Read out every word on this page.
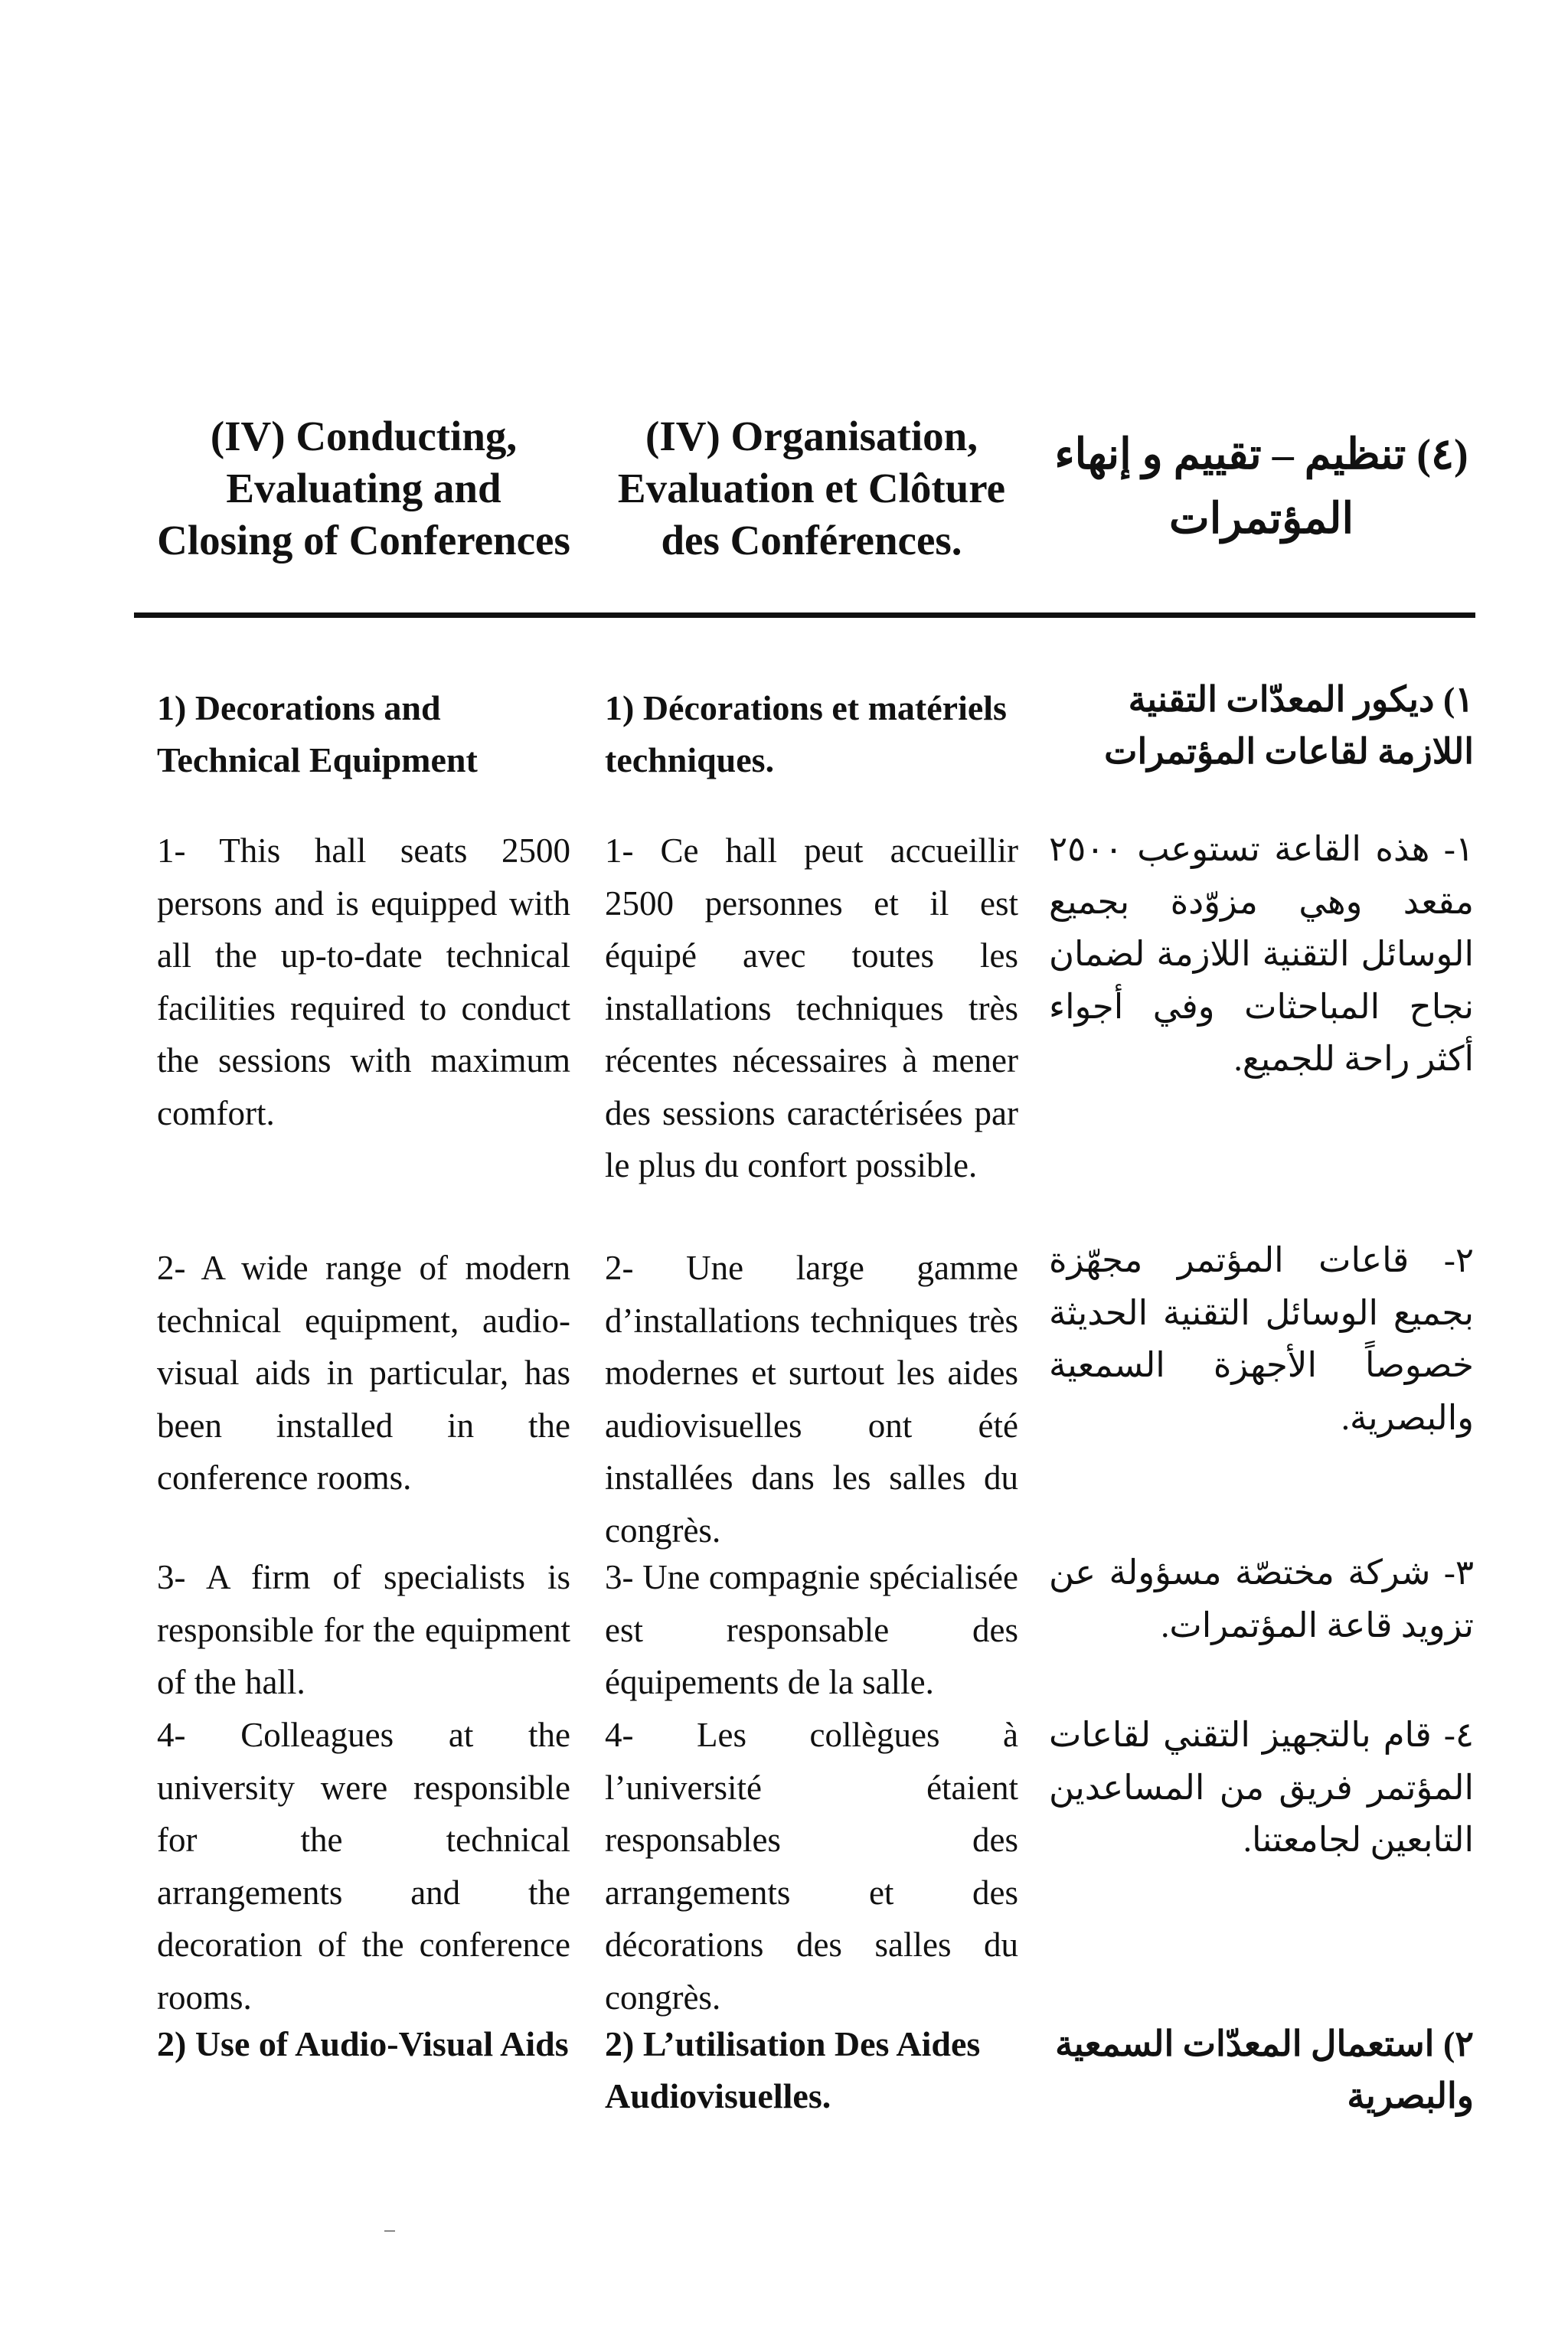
(IV) Conducting, Evaluating and Closing of Conferences
(IV) Organisation, Evaluation et Clôture des Conférences.
(٤) تنظيم – تقييم و إنهاء المؤتمرات
1) Decorations and Technical Equipment
1) Décorations et matériels techniques.
١) ديكور المعدّات التقنية اللازمة لقاعات المؤتمرات
1- This hall seats 2500 persons and is equipped with all the up-to-date technical facilities required to conduct the sessions with maximum comfort.
1- Ce hall peut accueillir 2500 personnes et il est équipé avec toutes les installations techniques très récentes nécessaires à mener des sessions caractérisées par le plus du confort possible.
١- هذه القاعة تستوعب ٢٥٠٠ مقعد وهي مزوّدة بجميع الوسائل التقنية اللازمة لضمان نجاح المباحثات وفي أجواء أكثر راحة للجميع.
2- A wide range of modern technical equipment, audio-visual aids in particular, has been installed in the conference rooms.
2- Une large gamme d’installations techniques très modernes et surtout les aides audiovisuelles ont été installées dans les salles du congrès.
٢- قاعات المؤتمر مجهّزة بجميع الوسائل التقنية الحديثة خصوصاً الأجهزة السمعية والبصرية.
3- A firm of specialists is responsible for the equipment of the hall.
3- Une compagnie spécialisée est responsable des équipements de la salle.
٣- شركة مختصّة مسؤولة عن تزويد قاعة المؤتمرات.
4- Colleagues at the university were responsible for the technical arrangements and the decoration of the conference rooms.
4- Les collègues à l’université étaient responsables des arrangements et des décorations des salles du congrès.
٤- قام بالتجهيز التقني لقاعات المؤتمر فريق من المساعدين التابعين لجامعتنا.
2) Use of Audio-Visual Aids 2) L’utilisation Des Aides Audiovisuelles.
٢) استعمال المعدّات السمعية والبصرية
